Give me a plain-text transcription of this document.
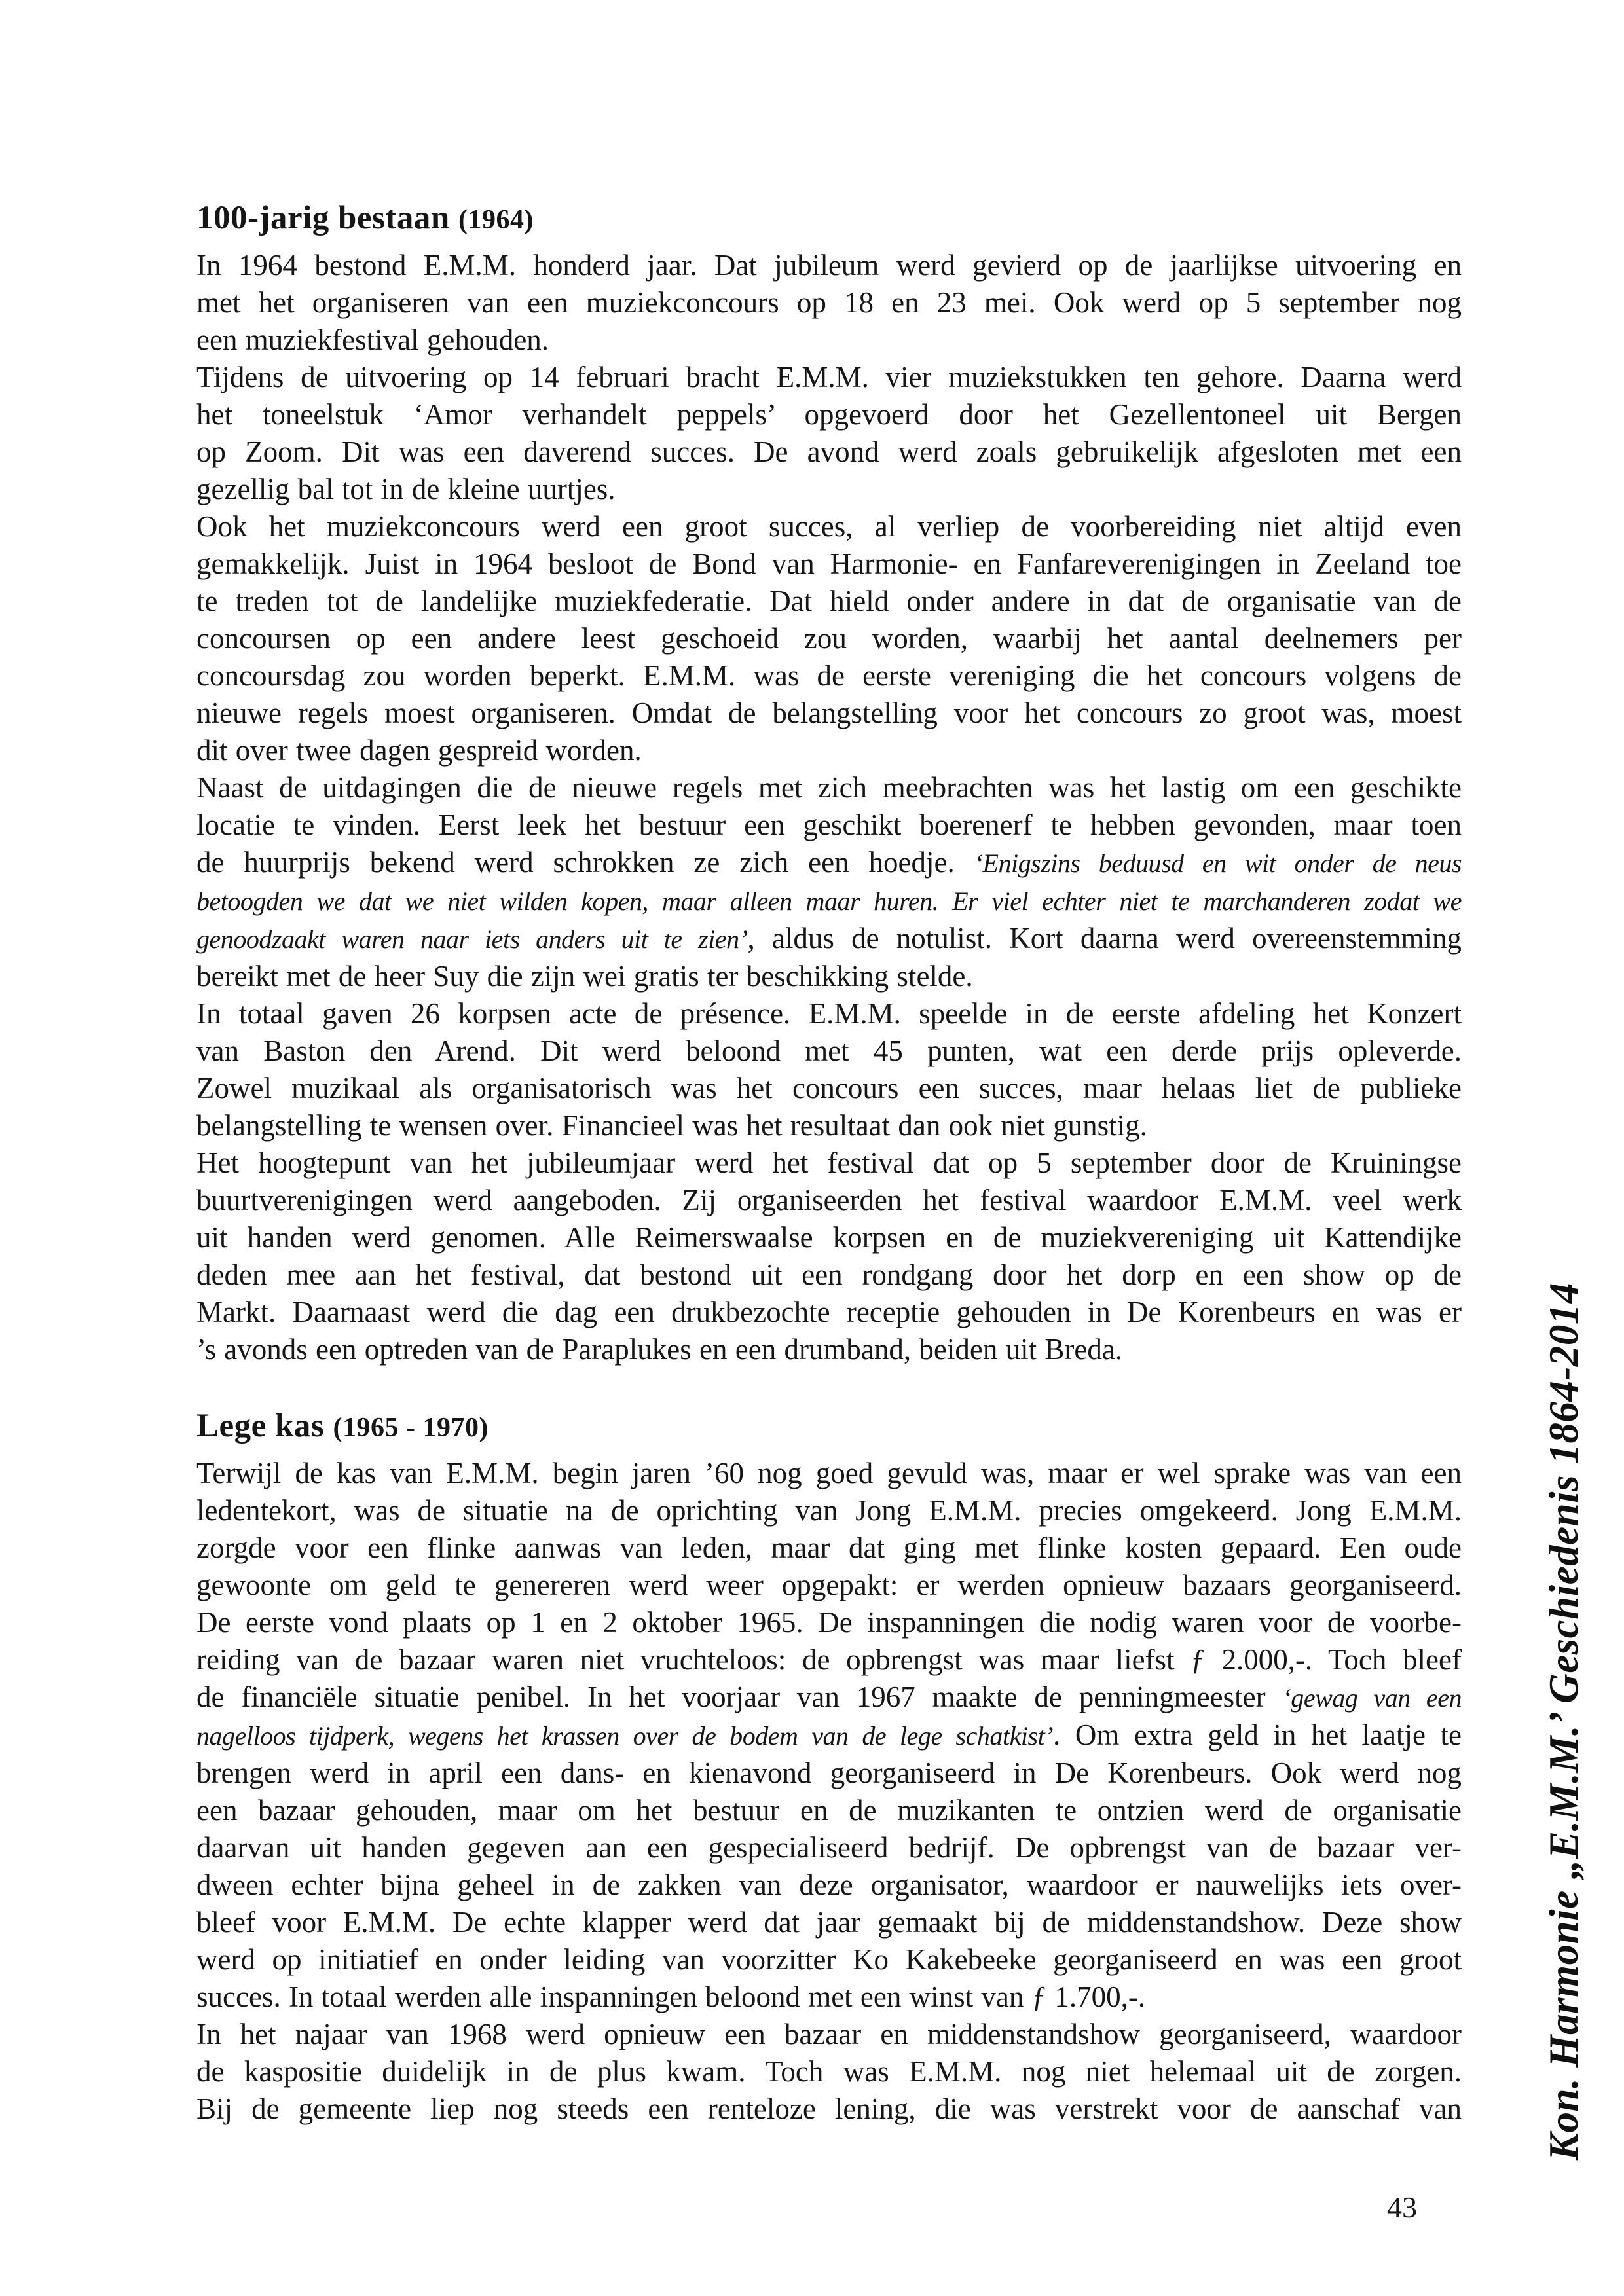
100-jarig bestaan (1964)
In 1964 bestond E.M.M. honderd jaar. Dat jubileum werd gevierd op de jaarlijkse uitvoering en
met het organiseren van een muziekconcours op 18 en 23 mei. Ook werd op 5 september nog
een muziekfestival gehouden.
Tijdens de uitvoering op 14 februari bracht E.M.M. vier muziekstukken ten gehore. Daarna werd
het toneelstuk ‘Amor verhandelt peppels’ opgevoerd door het Gezellentoneel uit Bergen
op Zoom. Dit was een daverend succes. De avond werd zoals gebruikelijk afgesloten met een
gezellig bal tot in de kleine uurtjes.
Ook het muziekconcours werd een groot succes, al verliep de voorbereiding niet altijd even
gemakkelijk. Juist in 1964 besloot de Bond van Harmonie- en Fanfareverenigingen in Zeeland toe
te treden tot de landelijke muziekfederatie. Dat hield onder andere in dat de organisatie van de
concoursen op een andere leest geschoeid zou worden, waarbij het aantal deelnemers per
concoursdag zou worden beperkt. E.M.M. was de eerste vereniging die het concours volgens de
nieuwe regels moest organiseren. Omdat de belangstelling voor het concours zo groot was, moest
dit over twee dagen gespreid worden.
Naast de uitdagingen die de nieuwe regels met zich meebrachten was het lastig om een geschikte
locatie te vinden. Eerst leek het bestuur een geschikt boerenerf te hebben gevonden, maar toen
de huurprijs bekend werd schrokken ze zich een hoedje. ‘Enigszins beduusd en wit onder de neus
betoogden we dat we niet wilden kopen, maar alleen maar huren. Er viel echter niet te marchanderen zodat we
genoodzaakt waren naar iets anders uit te zien’, aldus de notulist. Kort daarna werd overeenstemming
bereikt met de heer Suy die zijn wei gratis ter beschikking stelde.
In totaal gaven 26 korpsen acte de présence. E.M.M. speelde in de eerste afdeling het Konzert
van Baston den Arend. Dit werd beloond met 45 punten, wat een derde prijs opleverde.
Zowel muzikaal als organisatorisch was het concours een succes, maar helaas liet de publieke
belangstelling te wensen over. Financieel was het resultaat dan ook niet gunstig.
Het hoogtepunt van het jubileumjaar werd het festival dat op 5 september door de Kruiningse
buurtverenigingen werd aangeboden. Zij organiseerden het festival waardoor E.M.M. veel werk
uit handen werd genomen. Alle Reimerswaalse korpsen en de muziekvereniging uit Kattendijke
deden mee aan het festival, dat bestond uit een rondgang door het dorp en een show op de
Markt. Daarnaast werd die dag een drukbezochte receptie gehouden in De Korenbeurs en was er
’s avonds een optreden van de Paraplukes en een drumband, beiden uit Breda.
Lege kas (1965 - 1970)
Terwijl de kas van E.M.M. begin jaren ’60 nog goed gevuld was, maar er wel sprake was van een
ledentekort, was de situatie na de oprichting van Jong E.M.M. precies omgekeerd. Jong E.M.M.
zorgde voor een flinke aanwas van leden, maar dat ging met flinke kosten gepaard. Een oude
gewoonte om geld te genereren werd weer opgepakt: er werden opnieuw bazaars georganiseerd.
De eerste vond plaats op 1 en 2 oktober 1965. De inspanningen die nodig waren voor de voorbe-
reiding van de bazaar waren niet vruchteloos: de opbrengst was maar liefst ƒ 2.000,-. Toch bleef
de financiële situatie penibel. In het voorjaar van 1967 maakte de penningmeester ‘gewag van een
nagelloos tijdperk, wegens het krassen over de bodem van de lege schatkist’. Om extra geld in het laatje te
brengen werd in april een dans- en kienavond georganiseerd in De Korenbeurs. Ook werd nog
een bazaar gehouden, maar om het bestuur en de muzikanten te ontzien werd de organisatie
daarvan uit handen gegeven aan een gespecialiseerd bedrijf. De opbrengst van de bazaar ver-
dween echter bijna geheel in de zakken van deze organisator, waardoor er nauwelijks iets over-
bleef voor E.M.M. De echte klapper werd dat jaar gemaakt bij de middenstandshow. Deze show
werd op initiatief en onder leiding van voorzitter Ko Kakebeeke georganiseerd en was een groot
succes. In totaal werden alle inspanningen beloond met een winst van ƒ 1.700,-.
In het najaar van 1968 werd opnieuw een bazaar en middenstandshow georganiseerd, waardoor
de kaspositie duidelijk in de plus kwam. Toch was E.M.M. nog niet helemaal uit de zorgen.
Bij de gemeente liep nog steeds een renteloze lening, die was verstrekt voor de aanschaf van Kon. Harmonie „E.M.M.’ Geschiedenis 1864-2014
43
